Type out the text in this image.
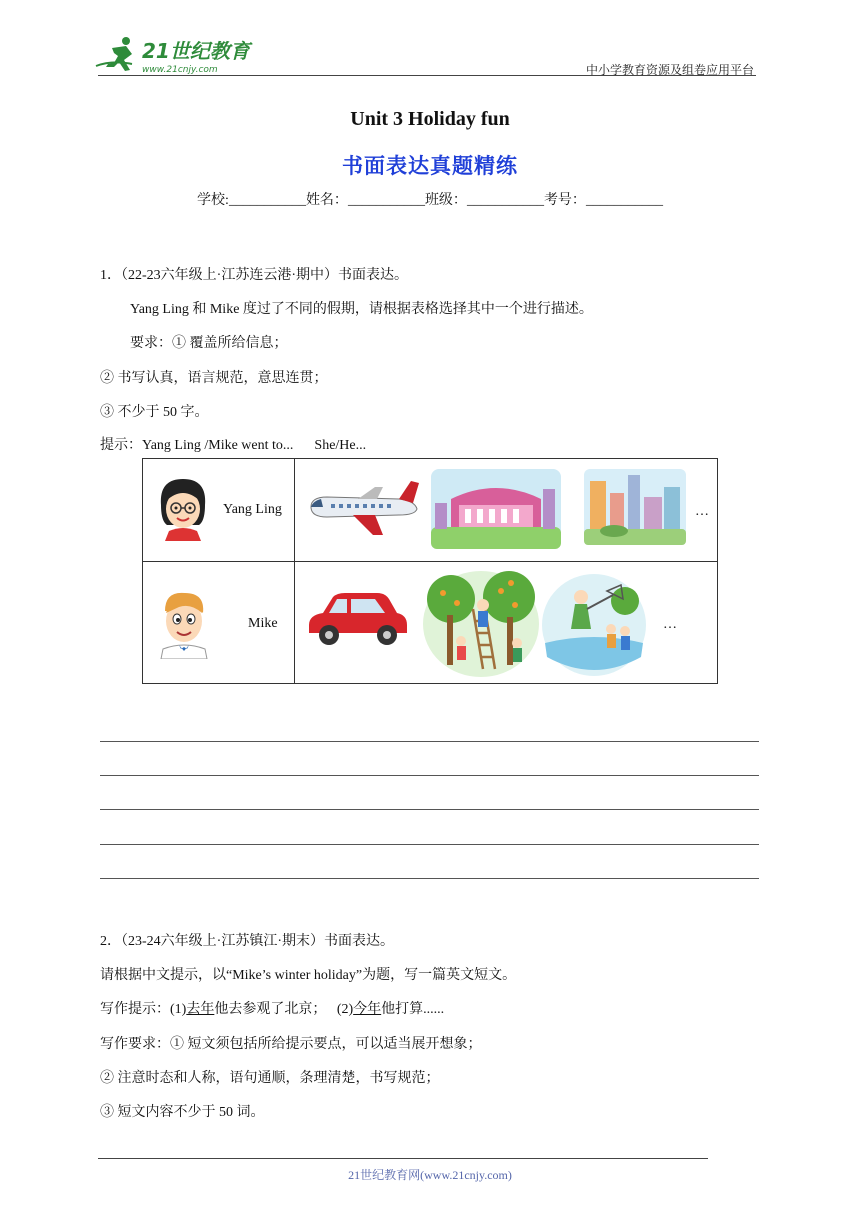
21世纪教育
www.21cnjy.com	中小学教育资源及组卷应用平台
Unit 3 Holiday fun
书面表达真题精练
学校:___________姓名：___________班级：___________考号：___________
1．（22-23六年级上·江苏连云港·期中）书面表达。
Yang Ling 和 Mike 度过了不同的假期，请根据表格选择其中一个进行描述。
要求：① 覆盖所给信息；
② 书写认真，语言规范，意思连贯；
③ 不少于 50 字。
提示：Yang Ling /Mike went to...      She/He...
Yang Ling	…
Mike	…
2．（23-24六年级上·江苏镇江·期末）书面表达。
请根据中文提示，以“Mike’s winter holiday”为题，写一篇英文短文。
写作提示：(1)去年他去参观了北京；   (2)今年他打算......
写作要求：① 短文须包括所给提示要点，可以适当展开想象；
② 注意时态和人称，语句通顺，条理清楚，书写规范；
③ 短文内容不少于 50 词。
21世纪教育网(www.21cnjy.com)
